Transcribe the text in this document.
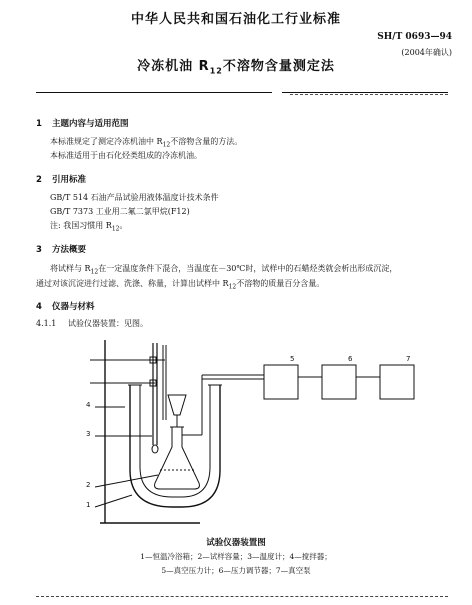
中华人民共和国石油化工行业标准
SH/T 0693—94
(2004年确认)
冷冻机油 $R_{12}$不溶物含量测定法
1 主题内容与适用范围
本标准规定了测定冷冻机油中 $R_{12}$不溶物含量的方法。
本标准适用于由石化烃类组成的冷冻机油。
2 引用标准
GB/T 514 石油产品试验用液体温度计技术条件
GB/T 7373 工业用二氟二氯甲烷(F12)
注: 我国习惯用 $R_{12}$。
3 方法概要
将试样与 $R_{12}$在一定温度条件下混合，当温度在－30℃时，试样中的石蜡烃类就会析出形成沉淀，
通过对该沉淀进行过滤、洗涤、称量，计算出试样中 $R_{12}$不溶物的质量百分含量。
4 仪器与材料
4.1.1 试验仪器装置：见图。
4
3
2
1
5	6	7
试验仪器装置图
1—恒温冷浴箱；2—试样容量；3—温度计；4—搅拌器；
5—真空压力计；6—压力调节器；7—真空泵
